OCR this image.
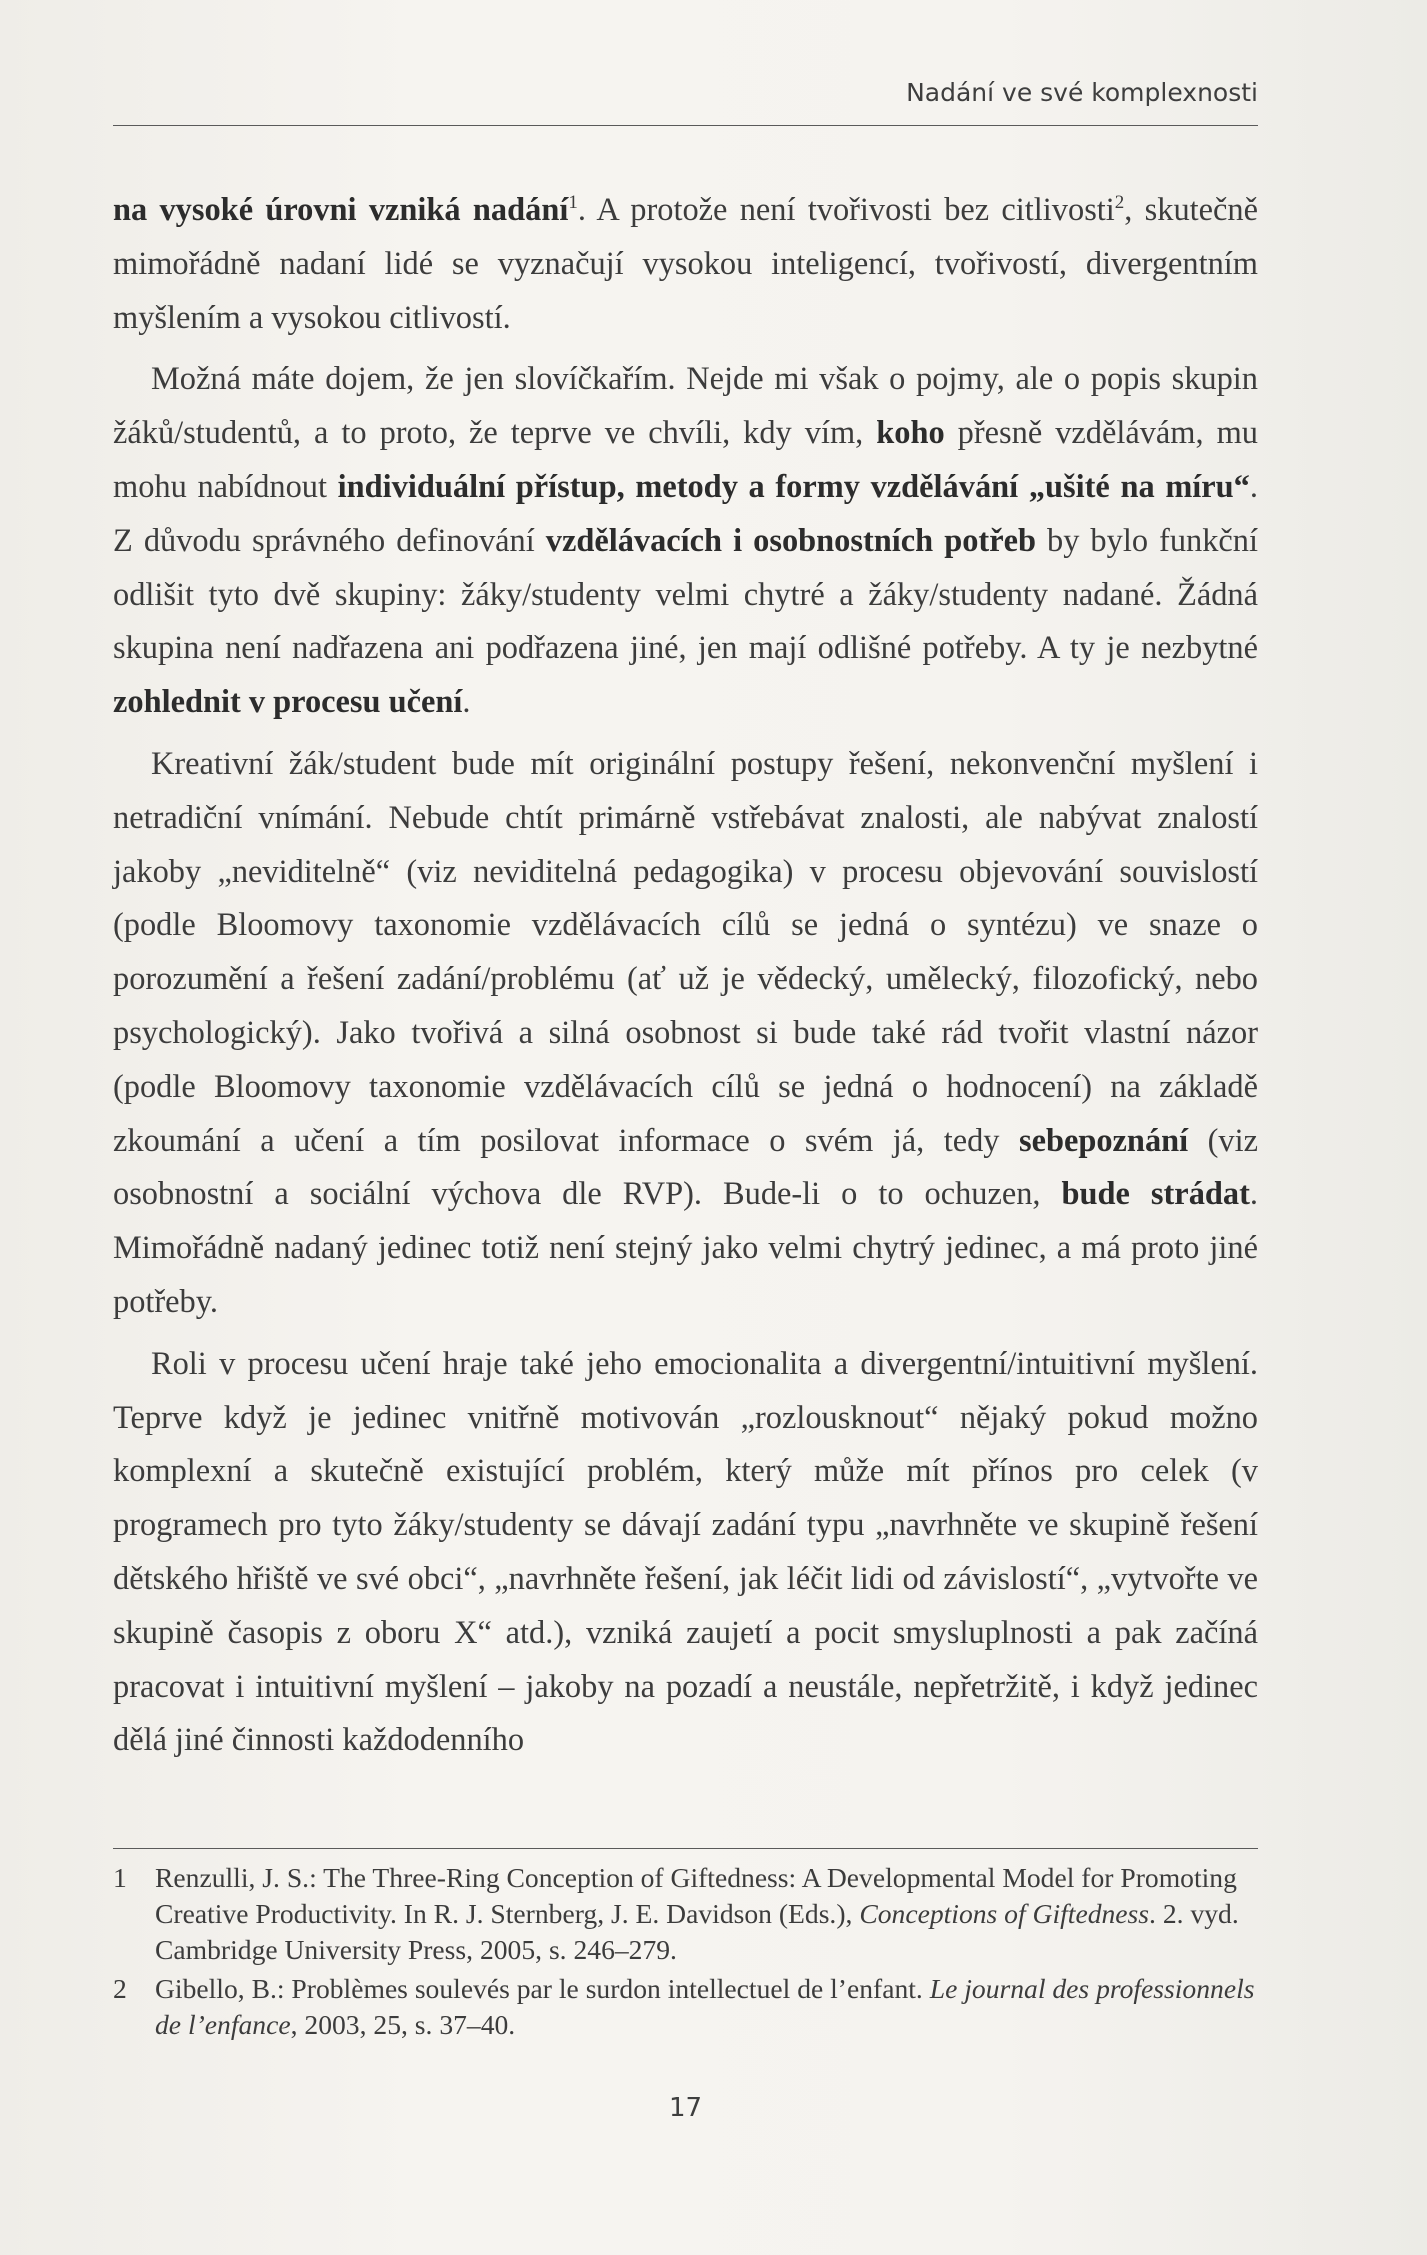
Nadání ve své komplexnosti

na vysoké úrovni vzniká nadání$^1$. A protože není tvořivosti bez citlivosti$^2$, skutečně mimořádně nadaní lidé se vyznačují vysokou inteligencí, tvořivostí, divergentním myšlením a vysokou citlivostí.

Možná máte dojem, že jen slovíčkařím. Nejde mi však o pojmy, ale o popis skupin žáků/studentů, a to proto, že teprve ve chvíli, kdy vím, koho přesně vzdělávám, mu mohu nabídnout individuální přístup, metody a formy vzdělávání „ušité na míru“. Z důvodu správného definování vzdělávacích i osobnostních potřeb by bylo funkční odlišit tyto dvě skupiny: žáky/studenty velmi chytré a žáky/studenty nadané. Žádná skupina není nadřazena ani podřazena jiné, jen mají odlišné potřeby. A ty je nezbytné zohlednit v procesu učení.

Kreativní žák/student bude mít originální postupy řešení, nekonvenční myšlení i netradiční vnímání. Nebude chtít primárně vstřebávat znalosti, ale nabývat znalostí jakoby „neviditelně“ (viz neviditelná pedagogika) v procesu objevování souvislostí (podle Bloomovy taxonomie vzdělávacích cílů se jedná o syntézu) ve snaze o porozumění a řešení zadání/problému (ať už je vědecký, umělecký, filozofický, nebo psychologický). Jako tvořivá a silná osobnost si bude také rád tvořit vlastní názor (podle Bloomovy taxonomie vzdělávacích cílů se jedná o hodnocení) na základě zkoumání a učení a tím posilovat informace o svém já, tedy sebepoznání (viz osobnostní a sociální výchova dle RVP). Bude-li o to ochuzen, bude strádat. Mimořádně nadaný jedinec totiž není stejný jako velmi chytrý jedinec, a má proto jiné potřeby.

Roli v procesu učení hraje také jeho emocionalita a divergentní/intuitivní myšlení. Teprve když je jedinec vnitřně motivován „rozlousknout“ nějaký pokud možno komplexní a skutečně existující problém, který může mít přínos pro celek (v programech pro tyto žáky/studenty se dávají zadání typu „navrhněte ve skupině řešení dětského hřiště ve své obci“, „navrhněte řešení, jak léčit lidi od závislostí“, „vytvořte ve skupině časopis z oboru X“ atd.), vzniká zaujetí a pocit smysluplnosti a pak začíná pracovat i intuitivní myšlení – jakoby na pozadí a neustále, nepřetržitě, i když jedinec dělá jiné činnosti každodenního

1 Renzulli, J. S.: The Three-Ring Conception of Giftedness: A Developmental Model for Promoting Creative Productivity. In R. J. Sternberg, J. E. Davidson (Eds.), Conceptions of Giftedness. 2. vyd. Cambridge University Press, 2005, s. 246–279.
2 Gibello, B.: Problèmes soulevés par le surdon intellectuel de l’enfant. Le journal des professionnels de l’enfance, 2003, 25, s. 37–40.
17
